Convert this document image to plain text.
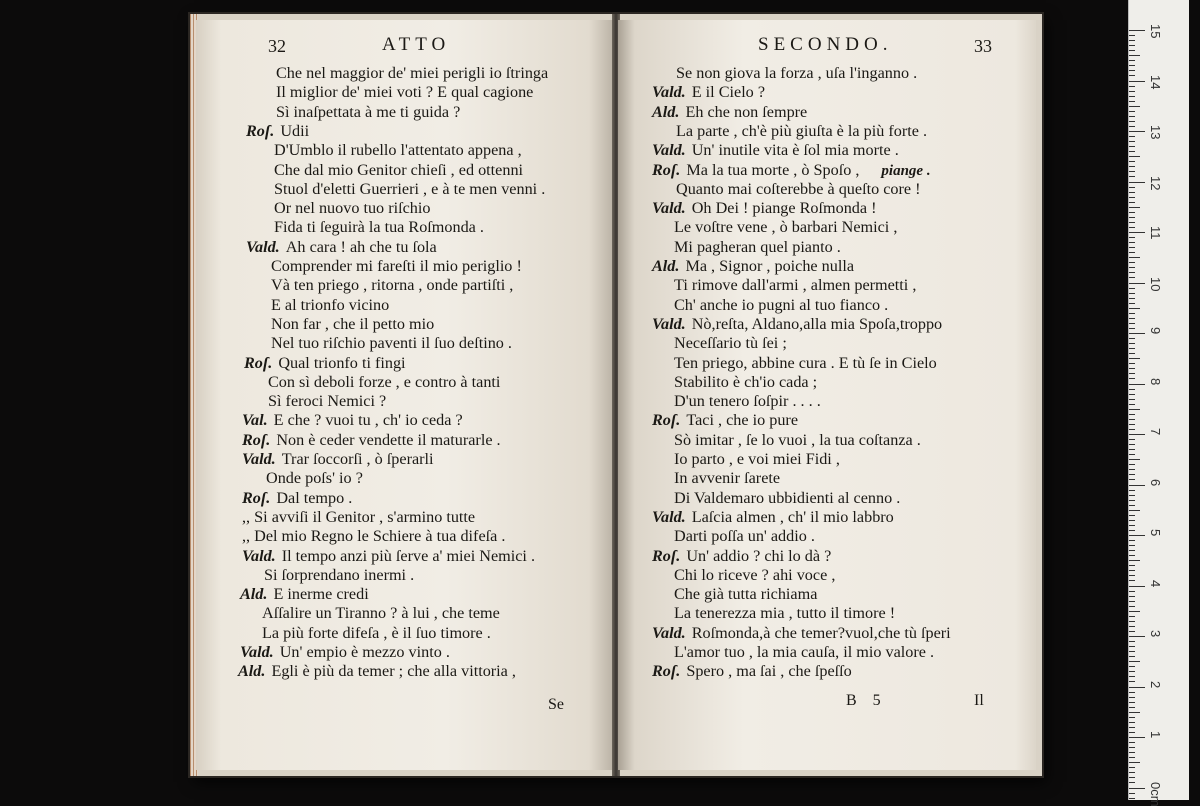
32	ATTO
Che nel maggior de' miei perigli io ſtringa
Il miglior de' miei voti ? E qual cagione
Sì inaſpettata à me ti guida ?
Roſ. Udii
D'Umblo il rubello l'attentato appena ,
Che dal mio Genitor chieſi , ed ottenni
Stuol d'eletti Guerrieri , e à te men venni .
Or nel nuovo tuo riſchio
Fida ti ſeguirà la tua Roſmonda .
Vald. Ah cara ! ah che tu ſola
Comprender mi fareſti il mio periglio !
Và ten priego , ritorna , onde partiſti ,
E al trionfo vicino
Non far , che il petto mio
Nel tuo riſchio paventi il ſuo deſtino .
Roſ. Qual trionfo ti fingi
Con sì deboli forze , e contro à tanti
Sì feroci Nemici ?
Val. E che ? vuoi tu , ch' io ceda ?
Roſ. Non è ceder vendette il maturarle .
Vald. Trar ſoccorſi , ò ſperarli
Onde poſs' io ?
Roſ. Dal tempo .
,, Si avviſi il Genitor , s'armino tutte
,, Del mio Regno le Schiere à tua difeſa .
Vald. Il tempo anzi più ſerve a' miei Nemici .
Si ſorprendano inermi .
Ald. E inerme credi
Aſſalire un Tiranno ? à lui , che teme
La più forte difeſa , è il ſuo timore .
Vald. Un' empio è mezzo vinto .
Ald. Egli è più da temer ; che alla vittoria ,
Se
SECONDO.	33
Se non giova la forza , uſa l'inganno .
Vald. E il Cielo ?
Ald. Eh che non ſempre
La parte , ch'è più giuſta è la più forte .
Vald. Un' inutile vita è ſol mia morte .
Roſ. Ma la tua morte , ò Spoſo , piange .
Quanto mai coſterebbe à queſto core !
Vald. Oh Dei ! piange Roſmonda !
Le voſtre vene , ò barbari Nemici ,
Mi pagheran quel pianto .
Ald. Ma , Signor , poiche nulla
Ti rimove dall'armi , almen permetti ,
Ch' anche io pugni al tuo fianco .
Vald. Nò,reſta, Aldano,alla mia Spoſa,troppo
Neceſſario tù ſei ;
Ten priego, abbine cura . E tù ſe in Cielo
Stabilito è ch'io cada ;
D'un tenero ſoſpir . . . .
Roſ. Taci , che io pure
Sò imitar , ſe lo vuoi , la tua coſtanza .
Io parto , e voi miei Fidi ,
In avvenir ſarete
Di Valdemaro ubbidienti al cenno .
Vald. Laſcia almen , ch' il mio labbro
Darti poſſa un' addio .
Roſ. Un' addio ? chi lo dà ?
Chi lo riceve ? ahi voce ,
Che già tutta richiama
La tenerezza mia , tutto il timore !
Vald. Roſmonda,à che temer?vuol,che tù ſperi
L'amor tuo , la mia cauſa, il mio valore .
Roſ. Spero , ma ſai , che ſpeſſo
B 5	Il
15
14
13
12
11
10
9
8
7
6
5
4
3
2
1
0cm
